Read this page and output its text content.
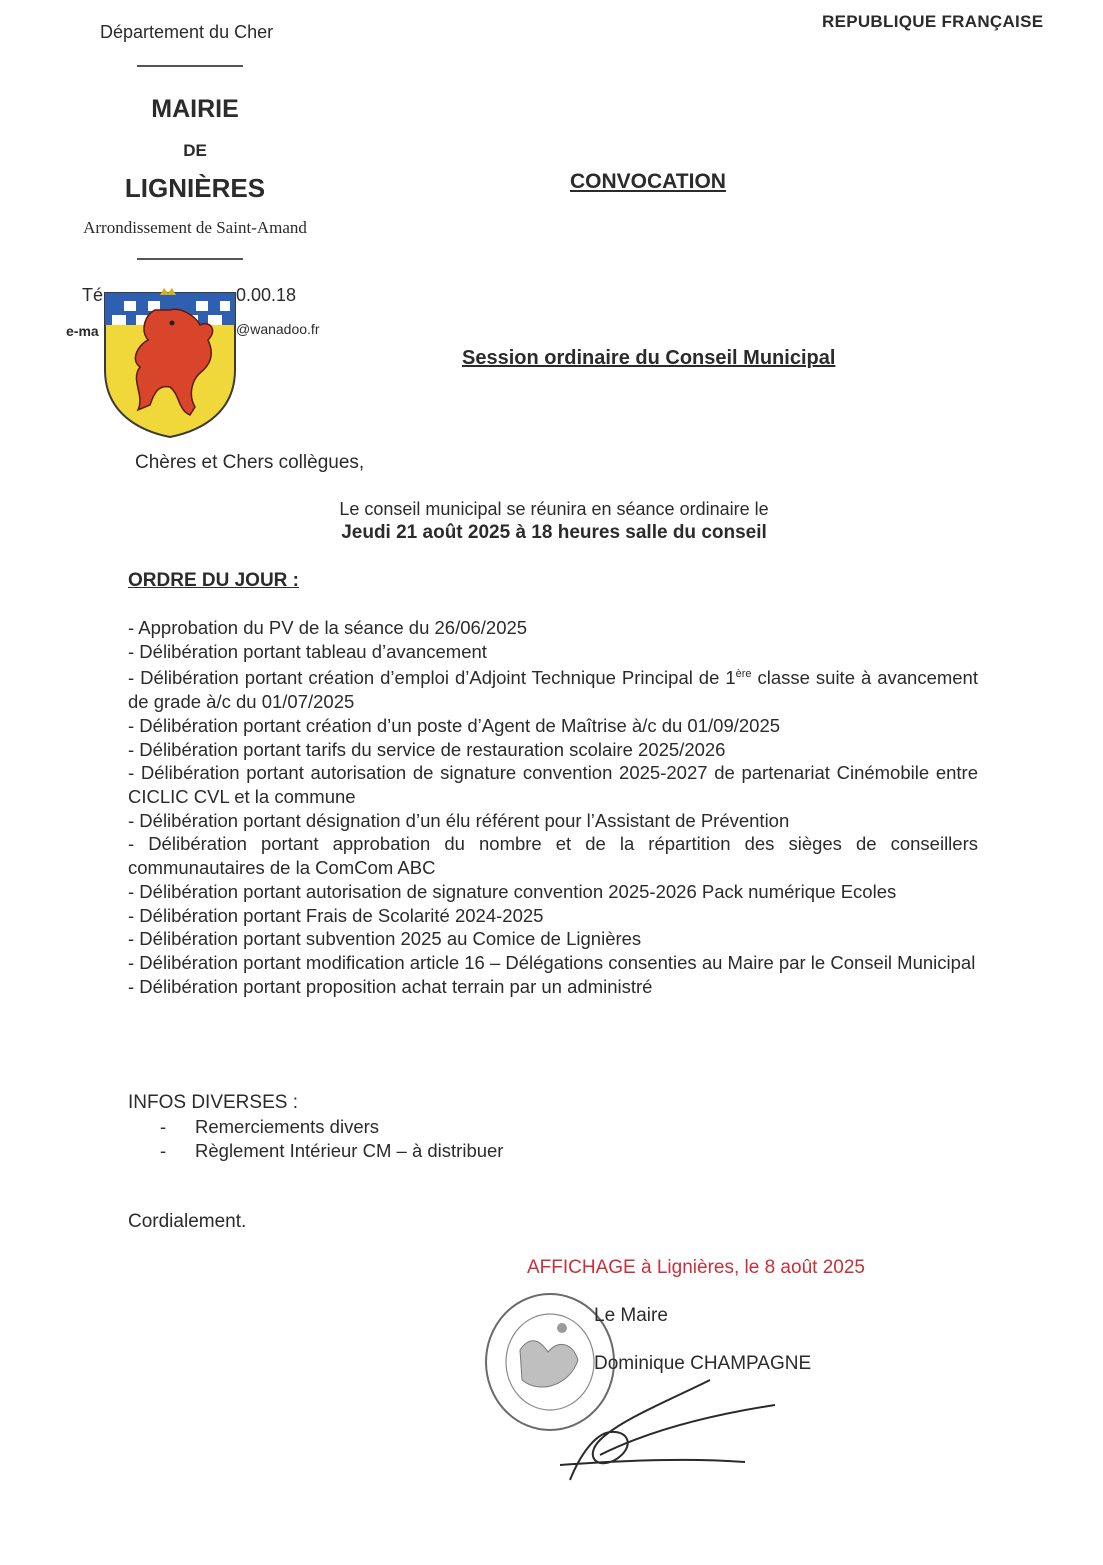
Département du Cher
REPUBLIQUE FRANÇAISE
MAIRIE
DE
LIGNIÈRES
Arrondissement de Saint-Amand
Té	0.00.18
e-ma	@wanadoo.fr
CONVOCATION
Session ordinaire du Conseil Municipal
Chères et Chers collègues,
Le conseil municipal se réunira en séance ordinaire le
Jeudi 21 août 2025 à 18 heures salle du conseil
ORDRE DU JOUR :
- Approbation du PV de la séance du 26/06/2025
- Délibération portant tableau d’avancement
- Délibération portant création d’emploi d’Adjoint Technique Principal de 1ère classe suite à avancement de grade à/c du 01/07/2025
- Délibération portant création d’un poste d’Agent de Maîtrise à/c du 01/09/2025
- Délibération portant tarifs du service de restauration scolaire 2025/2026
- Délibération portant autorisation de signature convention 2025-2027 de partenariat Cinémobile entre CICLIC CVL et la commune
- Délibération portant désignation d’un élu référent pour l’Assistant de Prévention
- Délibération portant approbation du nombre et de la répartition des sièges de conseillers communautaires de la ComCom ABC
- Délibération portant autorisation de signature convention 2025-2026 Pack numérique Ecoles
- Délibération portant Frais de Scolarité 2024-2025
- Délibération portant subvention 2025 au Comice de Lignières
- Délibération portant modification article 16 – Délégations consenties au Maire par le Conseil Municipal
- Délibération portant proposition achat terrain par un administré
INFOS DIVERSES :
- Remerciements divers
- Règlement Intérieur CM – à distribuer
Cordialement.
AFFICHAGE à Lignières, le 8 août 2025
Le Maire
Dominique CHAMPAGNE
